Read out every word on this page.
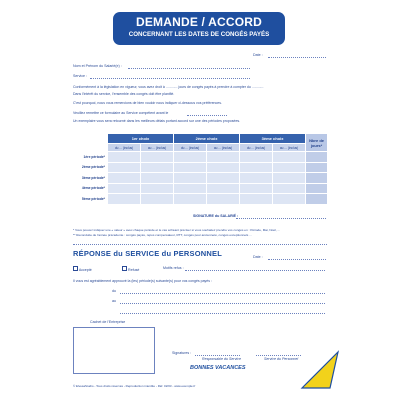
DEMANDE / ACCORD
CONCERNANT LES DATES DE CONGÉS PAYÉS
Date :
Nom et Prénom du Salarié(e) :
Service :
Conformément à la législation en vigueur, vous avez droit à ............ jours de congés payés à prendre à compter du ............
Dans l'intérêt du service, l'ensemble des congés doit être planifié.
C'est pourquoi, nous vous remercions de bien vouloir nous indiquer ci-dessous vos préférences.
Veuillez remettre ce formulaire au Service compétent avant le
Un exemplaire vous sera retourné dans les meilleurs délais portant accord sur une des périodes proposées.
	1er choix		2ème choix		3ème choix		Nbre de jours*
	du ... (inclus)	au ... (inclus)	du ... (inclus)	au ... (inclus)	du ... (inclus)	au ... (inclus)	
1ère période*							
2ème période*							
3ème période*							
4ème période*							
5ème période*							
SIGNATURE du SALARIÉ :
* Vous pouvez indiquer une « valeur » avec chaque période et le cas échéant préciser si vous souhaitez prendre vos congés en : Période, Mai, Noël, ...
** Reconduite de l'année précédente : congés payés, repos compensateur, RTT, congés pour ancienneté, congés exceptionnels ...
RÉPONSE du SERVICE du PERSONNEL	Date :
Accepté	Refusé	Motifs refus :
Il vous est agréablement approuvé la (les) période(s) suivante(s) pour vos congés payés :
du
au
Cachet de l'Entreprise
Signatures :
Responsable du Service	Service du Personnel
BONNES VACANCES
© ElvesaStudio - Tous droits réservés - Reproduction interdite - Réf. 02/03 - www.exemple.fr
